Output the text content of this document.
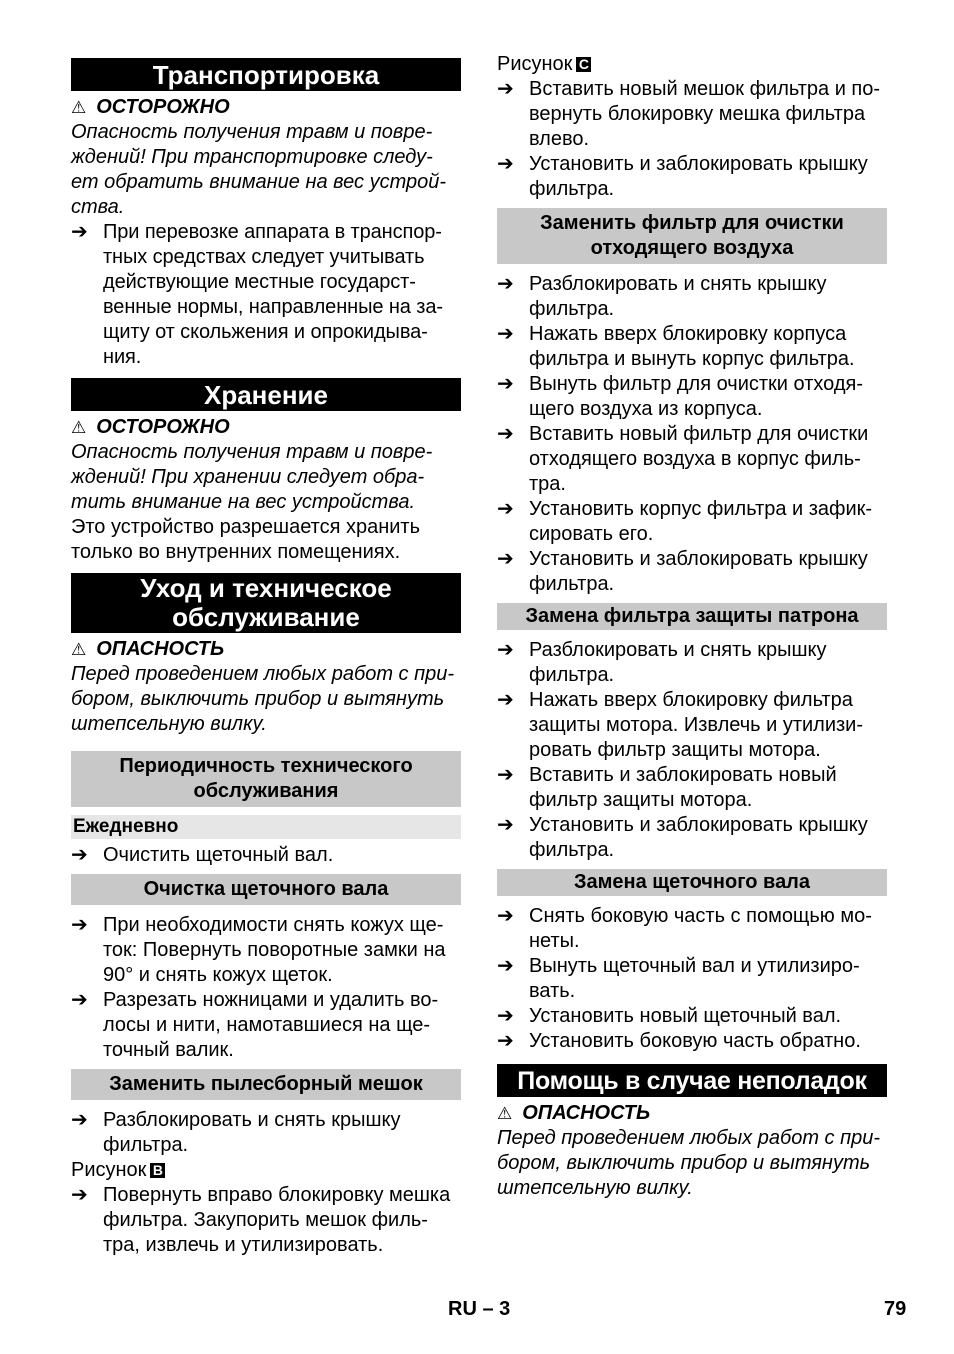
Транспортировка

⚠ ОСТОРОЖНО

Опасность получения травм и повре-

ждений! При транспортировке следу-

ет обратить внимание на вес устрой-

ства.

➔ При перевозке аппарата в транспор-тных средствах следует учитывать действующие местные государст-венные нормы, направленные на за-щиту от скольжения и опрокидыва-ния.
Хранение

⚠ ОСТОРОЖНО

Опасность получения травм и повре-

ждений! При хранении следует обра-

тить внимание на вес устройства.

Это устройство разрешается хранить

только во внутренних помещениях.

Уход и техническое
обслуживание

⚠ ОПАСНОСТЬ

Перед проведением любых работ с при-

бором, выключить прибор и вытянуть

штепсельную вилку.

Периодичность технического
обслуживания
Ежедневно
➔ Очистить щеточный вал.
Очистка щеточного вала
➔ При необходимости снять кожух ще-
ток: Повернуть поворотные замки на
90° и снять кожух щеток.
➔ Разрезать ножницами и удалить во-
лосы и нити, намотавшиеся на ще-
точный валик.
Заменить пылесборный мешок
➔ Разблокировать и снять крышку
фильтра.

Рисунок B

➔ Повернуть вправо блокировку мешка
фильтра. Закупорить мешок филь-
тра, извлечь и утилизировать.

Рисунок C

➔ Вставить новый мешок фильтра и по-
вернуть блокировку мешка фильтра
влево.
➔ Установить и заблокировать крышку
фильтра.
Заменить фильтр для очистки
отходящего воздуха
➔ Разблокировать и снять крышку
фильтра.
➔ Нажать вверх блокировку корпуса
фильтра и вынуть корпус фильтра.
➔ Вынуть фильтр для очистки отходя-
щего воздуха из корпуса.
➔ Вставить новый фильтр для очистки
отходящего воздуха в корпус филь-
тра.
➔ Установить корпус фильтра и зафик-
сировать его.
➔ Установить и заблокировать крышку
фильтра.
Замена фильтра защиты патрона
➔ Разблокировать и снять крышку
фильтра.
➔ Нажать вверх блокировку фильтра
защиты мотора. Извлечь и утилизи-
ровать фильтр защиты мотора.
➔ Вставить и заблокировать новый
фильтр защиты мотора.
➔ Установить и заблокировать крышку
фильтра.
Замена щеточного вала
➔ Снять боковую часть с помощью мо-
неты.
➔ Вынуть щеточный вал и утилизиро-
вать.
➔ Установить новый щеточный вал.
➔ Установить боковую часть обратно.
Помощь в случае неполадок

⚠ ОПАСНОСТЬ

Перед проведением любых работ с при-

бором, выключить прибор и вытянуть

штепсельную вилку.

RU – 3	79
